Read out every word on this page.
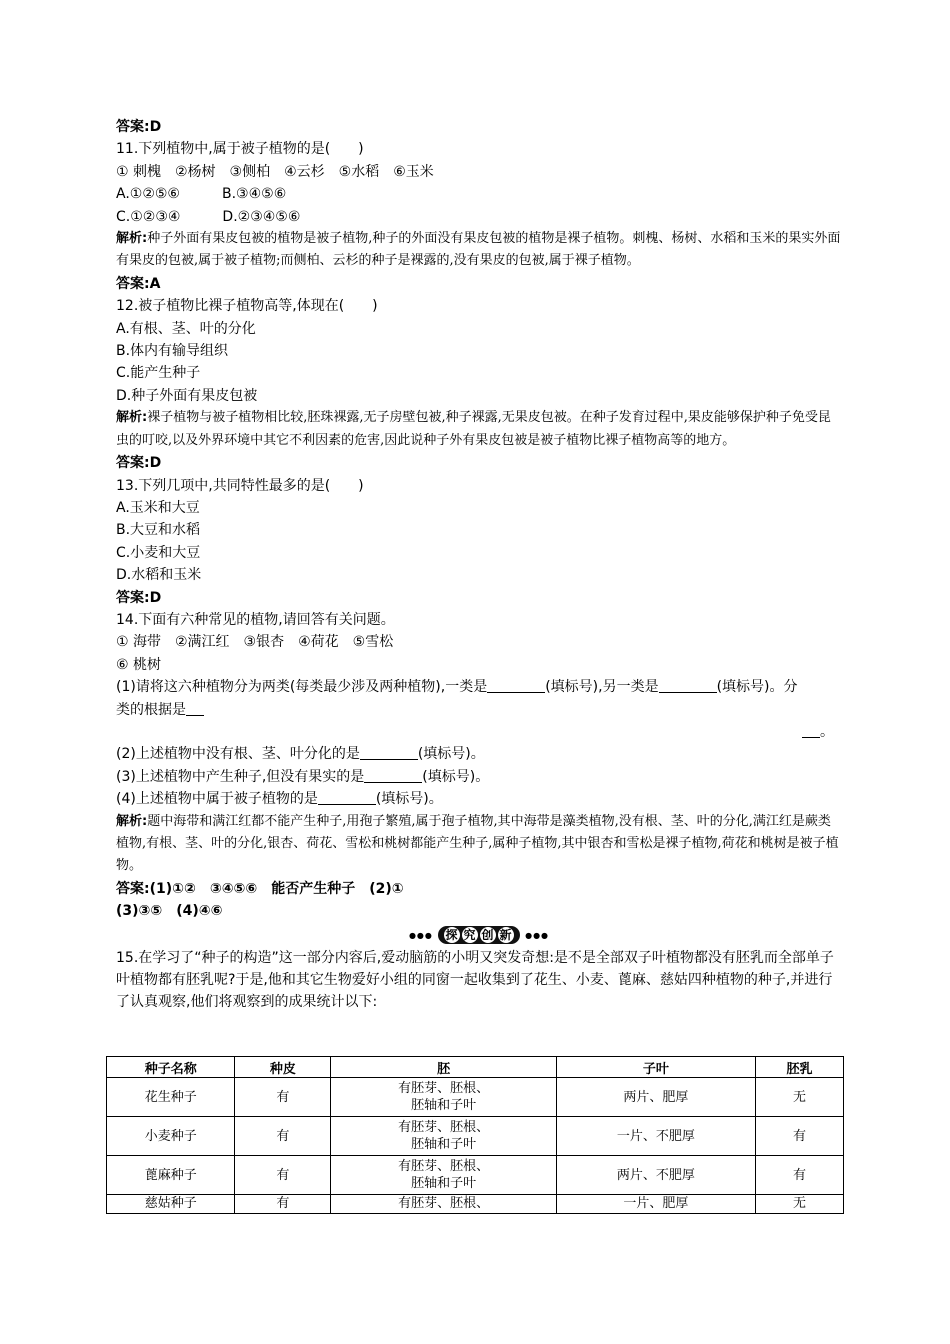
答案:D
11.下列植物中,属于被子植物的是(　　)
① 刺槐　②杨树　③侧柏　④云杉　⑤水稻　⑥玉米
A.①②⑤⑥　　　B.③④⑤⑥
C.①②③④　　　D.②③④⑤⑥
解析:种子外面有果皮包被的植物是被子植物,种子的外面没有果皮包被的植物是裸子植物。刺槐、杨树、水稻和玉米的果实外面有果皮的包被,属于被子植物;而侧柏、云杉的种子是裸露的,没有果皮的包被,属于裸子植物。
答案:A
12.被子植物比裸子植物高等,体现在(　　)
A.有根、茎、叶的分化
B.体内有输导组织
C.能产生种子
D.种子外面有果皮包被
解析:裸子植物与被子植物相比较,胚珠裸露,无子房壁包被,种子裸露,无果皮包被。在种子发育过程中,果皮能够保护种子免受昆虫的叮咬,以及外界环境中其它不利因素的危害,因此说种子外有果皮包被是被子植物比裸子植物高等的地方。
答案:D
13.下列几项中,共同特性最多的是(　　)
A.玉米和大豆
B.大豆和水稻
C.小麦和大豆
D.水稻和玉米
答案:D
14.下面有六种常见的植物,请回答有关问题。
① 海带　②满江红　③银杏　④荷花　⑤雪松
⑥ 桃树
(1)请将这六种植物分为两类(每类最少涉及两种植物),一类是	(填标号),另一类是	(填标号)。分
类的根据是
。
(2)上述植物中没有根、茎、叶分化的是	(填标号)。
(3)上述植物中产生种子,但没有果实的是	(填标号)。
(4)上述植物中属于被子植物的是	(填标号)。
解析:题中海带和满江红都不能产生种子,用孢子繁殖,属于孢子植物,其中海带是藻类植物,没有根、茎、叶的分化,满江红是蕨类植物,有根、茎、叶的分化,银杏、荷花、雪松和桃树都能产生种子,属种子植物,其中银杏和雪松是裸子植物,荷花和桃树是被子植物。
答案:(1)①②　③④⑤⑥　能否产生种子　(2)①
(3)③⑤　(4)④⑥
●●● 探 究 创 新 ●●●
15.在学习了“种子的构造”这一部分内容后,爱动脑筋的小明又突发奇想:是不是全部双子叶植物都没有胚乳而全部单子叶植物都有胚乳呢?于是,他和其它生物爱好小组的同窗一起收集到了花生、小麦、蓖麻、慈姑四种植物的种子,并进行了认真观察,他们将观察到的成果统计以下:
种子名称	种皮	胚	子叶	胚乳
花生种子	有	有胚芽、胚根、
胚轴和子叶	两片、肥厚	无
小麦种子	有	有胚芽、胚根、
胚轴和子叶	一片、不肥厚	有
蓖麻种子	有	有胚芽、胚根、
胚轴和子叶	两片、不肥厚	有
慈姑种子	有	有胚芽、胚根、	一片、肥厚	无
